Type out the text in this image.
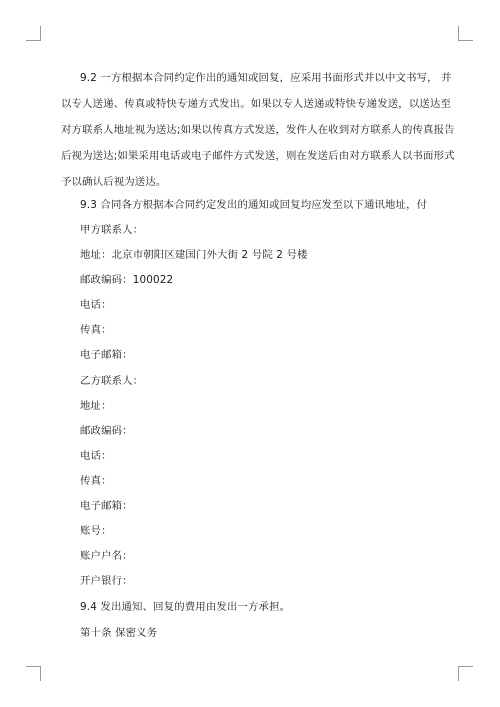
9.2 一方根据本合同约定作出的通知或回复，应采用书面形式并以中文书写， 并
以专人送递、传真或特快专递方式发出。如果以专人送递或特快专递发送，以送达至
对方联系人地址视为送达;如果以传真方式发送，发件人在收到对方联系人的传真报告
后视为送达;如果采用电话或电子邮件方式发送，则在发送后由对方联系人以书面形式
予以确认后视为送达。
9.3 合同各方根据本合同约定发出的通知或回复均应发至以下通讯地址，付
甲方联系人：
地址：北京市朝阳区建国门外大街 2 号院 2 号楼
邮政编码：100022
电话：
传真：
电子邮箱：
乙方联系人：
地址：
邮政编码：
电话：
传真：
电子邮箱：
账号：
账户户名：
开户银行：
9.4 发出通知、回复的费用由发出一方承担。
第十条 保密义务
